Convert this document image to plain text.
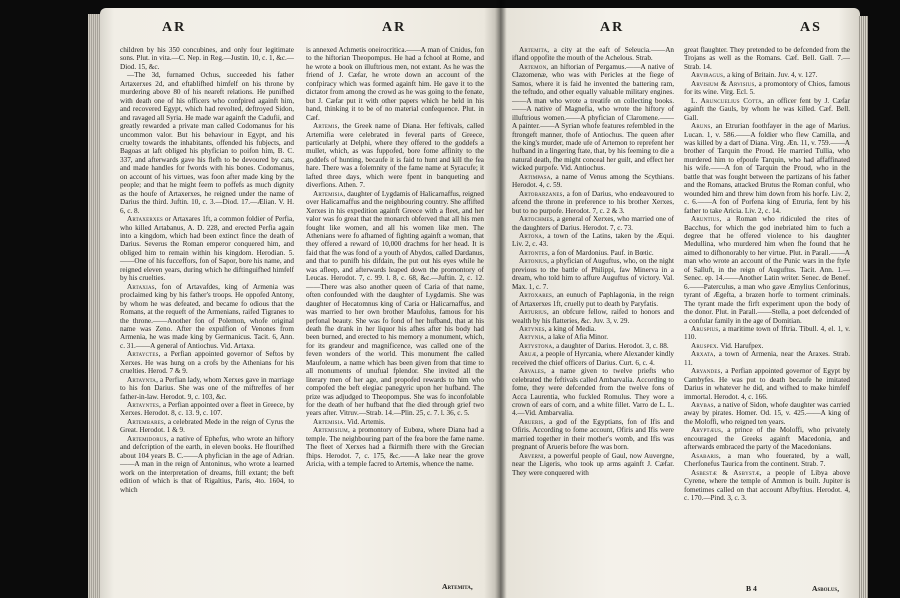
AR	AR

children by his 350 concubines, and only four legitimate sons. Plut. in vita.—C. Nep. in Reg.—Justin. 10, c. 1, &c.—Diod. 15, &c.

—The 3d, furnamed Ochus, succeeded his father Artaxerxes 2d, and eftablifhed himfelf on his throne by murdering above 80 of his neareft relations. He punifhed with death one of his officers who confpired againft him, and recovered Egypt, which had revolted, deftroyed Sidon, and ravaged all Syria. He made war againft the Cadufii, and greatly rewarded a private man called Codomanus for his uncommon valor. But his behaviour in Egypt, and his cruelty towards the inhabitants, offended his fubjects, and Bagoas at laft obliged his phyfician to poifon him, B. C. 337, and afterwards gave his flefh to be devoured by cats, and made handles for fwords with his bones. Codomanus, on account of his virtues, was foon after made king by the people; and that he might feem to poffefs as much dignity as the houfe of Artaxerxes, he reigned under the name of Darius the third. Juftin. 10, c. 3.—Diod. 17.—Ælian. V. H. 6, c. 8.

Artaxerxes or Artaxares 1ft, a common foldier of Perfia, who killed Artabanus, A. D. 228, and erected Perfia again into a kingdom, which had been extinct fince the death of Darius. Severus the Roman emperor conquered him, and obliged him to remain within his kingdom. Herodian. 5.——One of his fucceffors, fon of Sapor, bore his name, and reigned eleven years, during which he diftinguifhed himfelf by his cruelties.

Artaxias, fon of Artavafdes, king of Armenia was proclaimed king by his father's troops. He oppofed Antony, by whom he was defeated, and became fo odious that the Romans, at the requeft of the Armenians, raifed Tigranes to the throne.——Another fon of Polemon, whofe original name was Zeno. After the expulfion of Venones from Armenia, he was made king by Germanicus. Tacit. 6, Ann. c. 31.——A general of Antiochus. Vid. Artaxa.

Artayctes, a Perfian appointed governor of Seftos by Xerxes. He was hung on a crofs by the Athenians for his cruelties. Herod. 7 & 9.

Artaynta, a Perfian lady, whom Xerxes gave in marriage to his fon Darius. She was one of the miftreffes of her father-in-law. Herodot. 9, c. 103, &c.

Artayntes, a Perfian appointed over a fleet in Greece, by Xerxes. Herodot. 8, c. 13. 9, c. 107.

Artembares, a celebrated Mede in the reign of Cyrus the Great. Herodot. 1 & 9.

Artemidorus, a native of Ephefus, who wrote an hiftory and defcription of the earth, in eleven books. He flourifhed about 104 years B. C.——A phyfician in the age of Adrian.——A man in the reign of Antoninus, who wrote a learned work on the interpretation of dreams, ftill extant; the beft edition of which is that of Rigaltius, Paris, 4to. 1604, to which

is annexed Achmetis oneirocritica.——A man of Cnidus, fon to the hiftorian Theopompus. He had a fchool at Rome, and he wrote a book on illuftrious men, not extant. As he was the friend of J. Cæfar, he wrote down an account of the confpiracy which was formed againft him. He gave it to the dictator from among the crowd as he was going to the fenate, but J. Cæfar put it with other papers which he held in his hand, thinking it to be of no material confequence. Plut. in Cæf.

Artemis, the Greek name of Diana. Her feftivals, called Artemifia were celebrated in feveral parts of Greece, particularly at Delphi, where they offered to the goddefs a mullet, which, as was fuppofed, bore fome affinity to the goddefs of hunting, becaufe it is faid to hunt and kill the fea hare. There was a folemnity of the fame name at Syracufe; it lafted three days, which were fpent in banqueting and diverfions. Athen. 7.

Artemisia, daughter of Lygdamis of Halicarnaffus, reigned over Halicarnaffus and the neighbouring country. She affifted Xerxes in his expedition againft Greece with a fleet, and her valor was fo great that the monarch obferved that all his men fought like women, and all his women like men. The Athenians were fo afhamed of fighting againft a woman, that they offered a reward of 10,000 drachms for her head. It is faid that fhe was fond of a youth of Abydos, called Dardanus, and that to punifh his difdain, fhe put out his eyes while he was afleep, and afterwards leaped down the promontory of Leucas. Herodot. 7, c. 99. l. 8, c. 68, &c.—Juftin. 2, c. 12.——There was also another queen of Caria of that name, often confounded with the daughter of Lygdamis. She was daughter of Hecatomnus king of Caria or Halicarnaffus, and was married to her own brother Maufolus, famous for his perfonal beauty. She was fo fond of her hufband, that at his death fhe drank in her liquor his afhes after his body had been burned, and erected to his memory a monument, which, for its grandeur and magnificence, was called one of the feven wonders of the world. This monument fhe called Maufoleum, a name which has been given from that time to all monuments of unufual fplendor. She invited all the literary men of her age, and propofed rewards to him who compofed the beft elegiac panegyric upon her hufband. The prize was adjudged to Theopompus. She was fo inconfolable for the death of her hufband that fhe died through grief two years after. Vitruv.—Strab. 14.—Plin. 25, c. 7. l. 36, c. 5.

Artemisia. Vid. Artemis.

Artemisium, a promontory of Eubœa, where Diana had a temple. The neighbouring part of the fea bore the fame name. The fleet of Xerxes had a fkirmifh there with the Grecian fhips. Herodot. 7, c. 175, &c.——A lake near the grove Aricia, with a temple facred to Artemis, whence the name.

Artemita,
AR	AS

Artemita, a city at the eaft of Seleucia.——An ifland oppofite the mouth of the Achelous. Strab.

Artemon, an hiftorian of Pergamus.——A native of Clazomenæ, who was with Pericles at the fiege of Samos, where it is faid he invented the battering ram, the teftudo, and other equally valuable military engines.——A man who wrote a treatife on collecting books.——A native of Magnefia, who wrote the hiftory of illuftrious women.——A phyfician of Claromene.——A painter.——A Syrian whofe features refembled in the ftrongeft manner, thofe of Antiochus. The queen after the king's murder, made ufe of Artemon to reprefent her hufband in a lingering ftate, that, by his feeming to die a natural death, fhe might conceal her guilt, and effect her wicked purpofe. Vid. Antiochus.

Artimpasa, a name of Venus among the Scythians. Herodot. 4, c. 59.

Artobarzanes, a fon of Darius, who endeavoured to afcend the throne in preference to his brother Xerxes, but to no purpofe. Herodot. 7, c. 2 & 3.

Artochmes, a general of Xerxes, who married one of the daughters of Darius. Herodot. 7, c. 73.

Artona, a town of the Latins, taken by the Æqui. Liv. 2, c. 43.

Artontes, a fon of Mardonius. Pauf. in Bœtic.

Artonius, a phyfician of Auguftus, who, on the night previous to the battle of Philippi, faw Minerva in a dream, who told him to affure Auguftus of victory. Val. Max. 1, c. 7.

Artoxares, an eunuch of Paphlagonia, in the reign of Artaxerxes 1ft, cruelly put to death by Paryfatis.

Arturius, an obfcure fellow, raifed to honors and wealth by his flatteries, &c. Juv. 3, v. 29.

Artynes, a king of Media.

Artynia, a lake of Afia Minor.

Artystona, a daughter of Darius. Herodot. 3, c. 88.

Aruæ, a people of Hyrcania, where Alexander kindly received the chief officers of Darius. Curt. 6, c. 4.

Arvales, a name given to twelve priefts who celebrated the feftivals called Ambarvalia. According to fome, they were defcended from the twelve fons of Acca Laurentia, who fuckled Romulus. They wore a crown of ears of corn, and a white fillet. Varro de L. L. 4.—Vid. Ambarvalia.

Arueris, a god of the Egyptians, fon of Ifis and Ofiris. According to fome account, Ofiris and Ifis were married together in their mother's womb, and Ifis was pregnant of Arueris before fhe was born.

Arverni, a powerful people of Gaul, now Auvergne, near the Ligeris, who took up arms againft J. Cæfar. They were conquered with

great flaughter. They pretended to be defcended from the Trojans as well as the Romans. Cæf. Bell. Gall. 7.—Strab. 14.

Arviragus, a king of Britain. Juv. 4, v. 127.

Arvisium & Arvisius, a promontory of Chios, famous for its wine. Virg. Ecl. 5.

L. Aruncuelius Cotta, an officer fent by J. Cæfar againft the Gauls, by whom he was killed. Cæf. Bell. Gall.

Aruns, an Etrurian foothfayer in the age of Marius. Lucan. 1, v. 586.——A foldier who flew Camilla, and was killed by a dart of Diana. Virg. Æn. 11, v. 759.——A brother of Tarquin the Proud. He married Tullia, who murdered him to efpoufe Tarquin, who had affaffinated his wife.——A fon of Tarquin the Proud, who in the battle that was fought between the partizans of his father and the Romans, attacked Brutus the Roman conful, who wounded him and threw him down from his horfe. Liv. 2, c. 6.——A fon of Porfena king of Etruria, fent by his father to take Aricia. Liv. 2, c. 14.

Aruntius, a Roman who ridiculed the rites of Bacchus, for which the god inebriated him to fuch a degree that he offered violence to his daughter Medullina, who murdered him when fhe found that he aimed to difhonorably to her virtue. Plut. in Parall.——A man who wrote an account of the Punic wars in the ftyle of Salluft, in the reign of Auguftus. Tacit. Ann. 1.—Senec. ep. 14.——Another Latin writer. Senec. de Benef. 6.——Paterculus, a man who gave Æmylius Cenforinus, tyrant of Ægefta, a brazen horfe to torment criminals. The tyrant made the firft experiment upon the body of the donor. Plut. in Parall.——Stella, a poet defcended of a confular family in the age of Domitian.

Aruspius, a maritime town of Iftria. Tibull. 4, el. 1, v. 110.

Aruspex. Vid. Harufpex.

Arxata, a town of Armenia, near the Araxes. Strab. 11.

Aryandes, a Perfian appointed governor of Egypt by Cambyfes. He was put to death becaufe he imitated Darius in whatever he did, and wifhed to make himfelf immortal. Herodot. 4, c. 166.

Arybas, a native of Sidon, whofe daughter was carried away by pirates. Homer. Od. 15, v. 425.——A king of the Moloffi, who reigned ten years.

Aryptæus, a prince of the Moloffi, who privately encouraged the Greeks againft Macedonia, and afterwards embraced the party of the Macedonians.

Asabaris, a man who fouerated, by a wall, Cherfonefus Taurica from the continent. Strab. 7.

Asbestæ & Asbystæ, a people of Libya above Cyrene, where the temple of Ammon is built. Jupiter is fometimes called on that account Afbyftius. Herodot. 4, c. 170.—Pind. 3, c. 3.

B 4	Asbolus,
